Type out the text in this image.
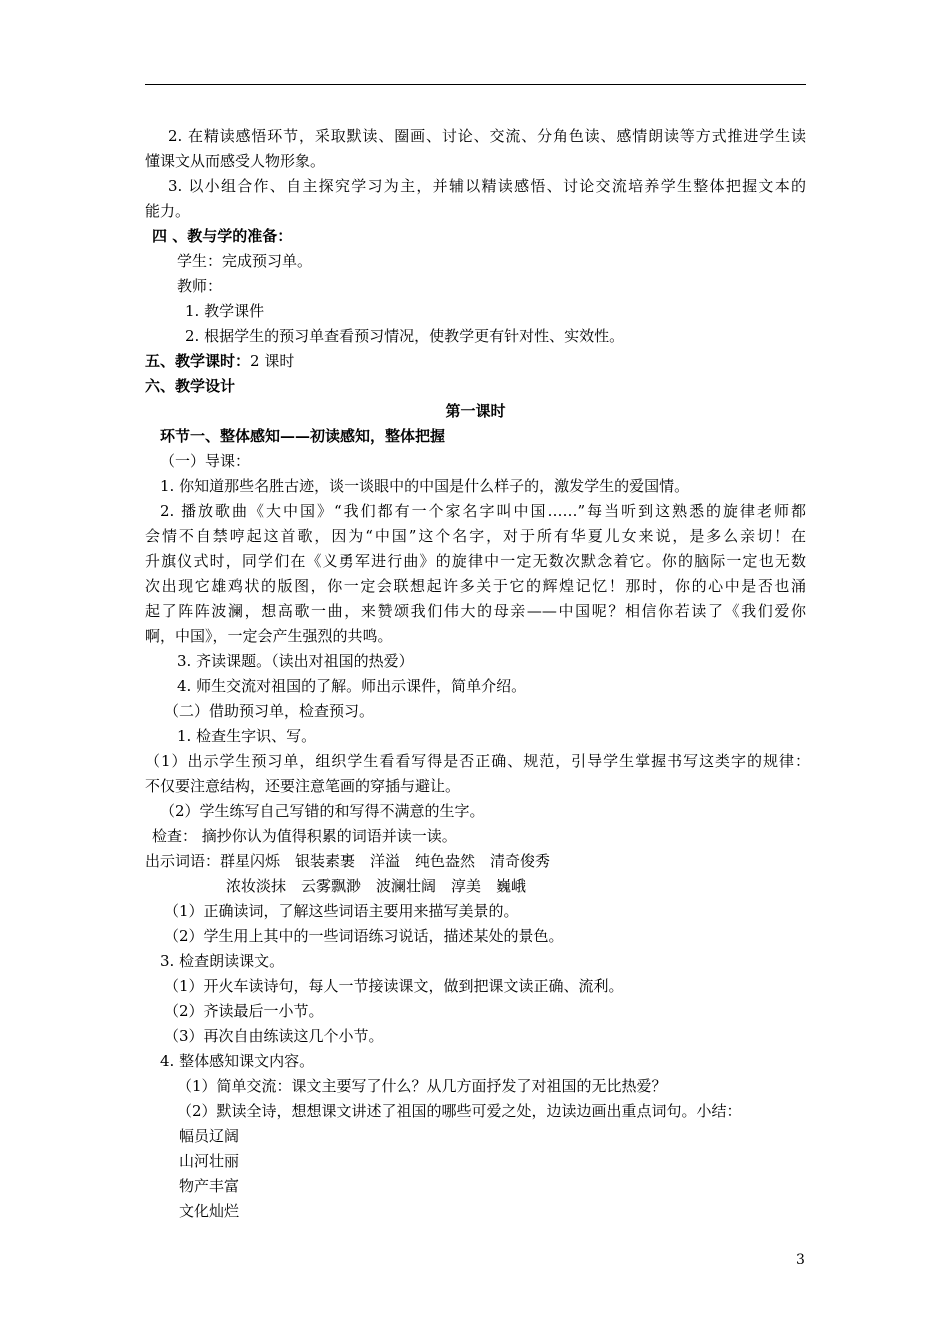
2. 在精读感悟环节，采取默读、圈画、讨论、交流、分角色读、感情朗读等方式推进学生读
懂课文从而感受人物形象。
3. 以小组合作、自主探究学习为主，并辅以精读感悟、讨论交流培养学生整体把握文本的
能力。
四 、教与学的准备：
学生：完成预习单。
教师：
1. 教学课件
2. 根据学生的预习单查看预习情况，使教学更有针对性、实效性。
五、教学课时：2 课时
六、教学设计
第一课时
环节一、整体感知——初读感知，整体把握
（一）导课：
1. 你知道那些名胜古迹，谈一谈眼中的中国是什么样子的，激发学生的爱国情。
2. 播放歌曲《大中国》“我们都有一个家名字叫中国……”每当听到这熟悉的旋律老师都
会情不自禁哼起这首歌，因为“中国”这个名字，对于所有华夏儿女来说，是多么亲切！在
升旗仪式时，同学们在《义勇军进行曲》的旋律中一定无数次默念着它。你的脑际一定也无数
次出现它雄鸡状的版图，你一定会联想起许多关于它的辉煌记忆！那时，你的心中是否也涌
起了阵阵波澜，想高歌一曲，来赞颂我们伟大的母亲——中国呢？相信你若读了《我们爱你
啊，中国》，一定会产生强烈的共鸣。
3. 齐读课题。（读出对祖国的热爱）
4. 师生交流对祖国的了解。师出示课件，简单介绍。
（二）借助预习单，检查预习。
1. 检查生字识、写。
（1）出示学生预习单，组织学生看看写得是否正确、规范，引导学生掌握书写这类字的规律：
不仅要注意结构，还要注意笔画的穿插与避让。
（2）学生练写自己写错的和写得不满意的生字。
检查： 摘抄你认为值得积累的词语并读一读。
出示词语：群星闪烁　银装素裹　洋溢　纯色盎然　清奇俊秀
浓妆淡抹　云雾飘渺　波澜壮阔　淳美　巍峨
（1）正确读词，了解这些词语主要用来描写美景的。
（2）学生用上其中的一些词语练习说话，描述某处的景色。
3. 检查朗读课文。
（1）开火车读诗句，每人一节接读课文，做到把课文读正确、流利。
（2）齐读最后一小节。
（3）再次自由练读这几个小节。
4. 整体感知课文内容。
（1）简单交流：课文主要写了什么？从几方面抒发了对祖国的无比热爱？
（2）默读全诗，想想课文讲述了祖国的哪些可爱之处，边读边画出重点词句。小结：
幅员辽阔
山河壮丽
物产丰富
文化灿烂
3
